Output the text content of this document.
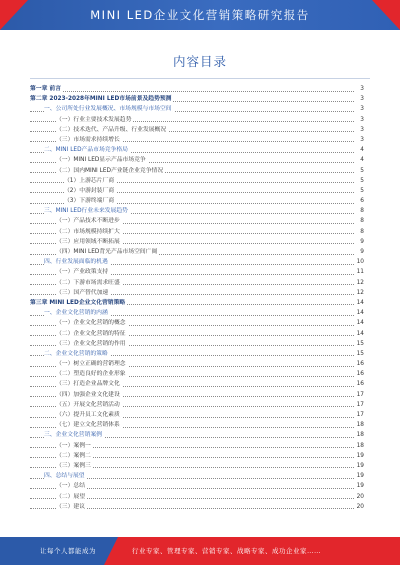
MINI LED企业文化营销策略研究报告
内容目录
第一章 前言	3
第二章 2023-2028年MINI LED市场前景及趋势预测	3
一、公司所处行业发展概况、市场规模与市场空间	3
（一）行业主要技术发展趋势	3
（二）技术迭代、产品升级、行业发展概况	3
（三）市场需求持续增长	3
二、MINI LED产品市场竞争格局	4
（一）MINI LED显示产品市场竞争	4
（二）国内MINI LED产业链企业竞争情况	5
（1）上游芯片厂商	5
（2）中游封装厂商	5
（3）下游终端厂商	6
三、MINI LED行业未来发展趋势	8
（一）产品技术不断进步	8
（二）市场规模持续扩大	8
（三）应用领域不断拓展	9
（四）MINI LED背光产品市场空间广阔	9
四、行业发展面临的机遇	10
（一）产业政策支持	11
（二）下游市场需求旺盛	12
（三）国产替代加速	12
第三章 MINI LED企业文化营销策略	14
一、企业文化营销的内涵	14
（一）企业文化营销的概念	14
（二）企业文化营销的特征	14
（三）企业文化营销的作用	15
二、企业文化营销的策略	15
（一）树立正确的营销理念	16
（二）塑造良好的企业形象	16
（三）打造企业品牌文化	16
（四）加强企业文化建设	17
（五）开展文化营销活动	17
（六）提升员工文化素质	17
（七）建立文化营销体系	18
三、企业文化营销案例	18
（一）案例一	18
（二）案例二	19
（三）案例三	19
四、总结与展望	19
（一）总结	19
（二）展望	20
（三）建议	20
让每个人都能成为	行业专家、管理专家、营销专家、战略专家、成功企业家……
